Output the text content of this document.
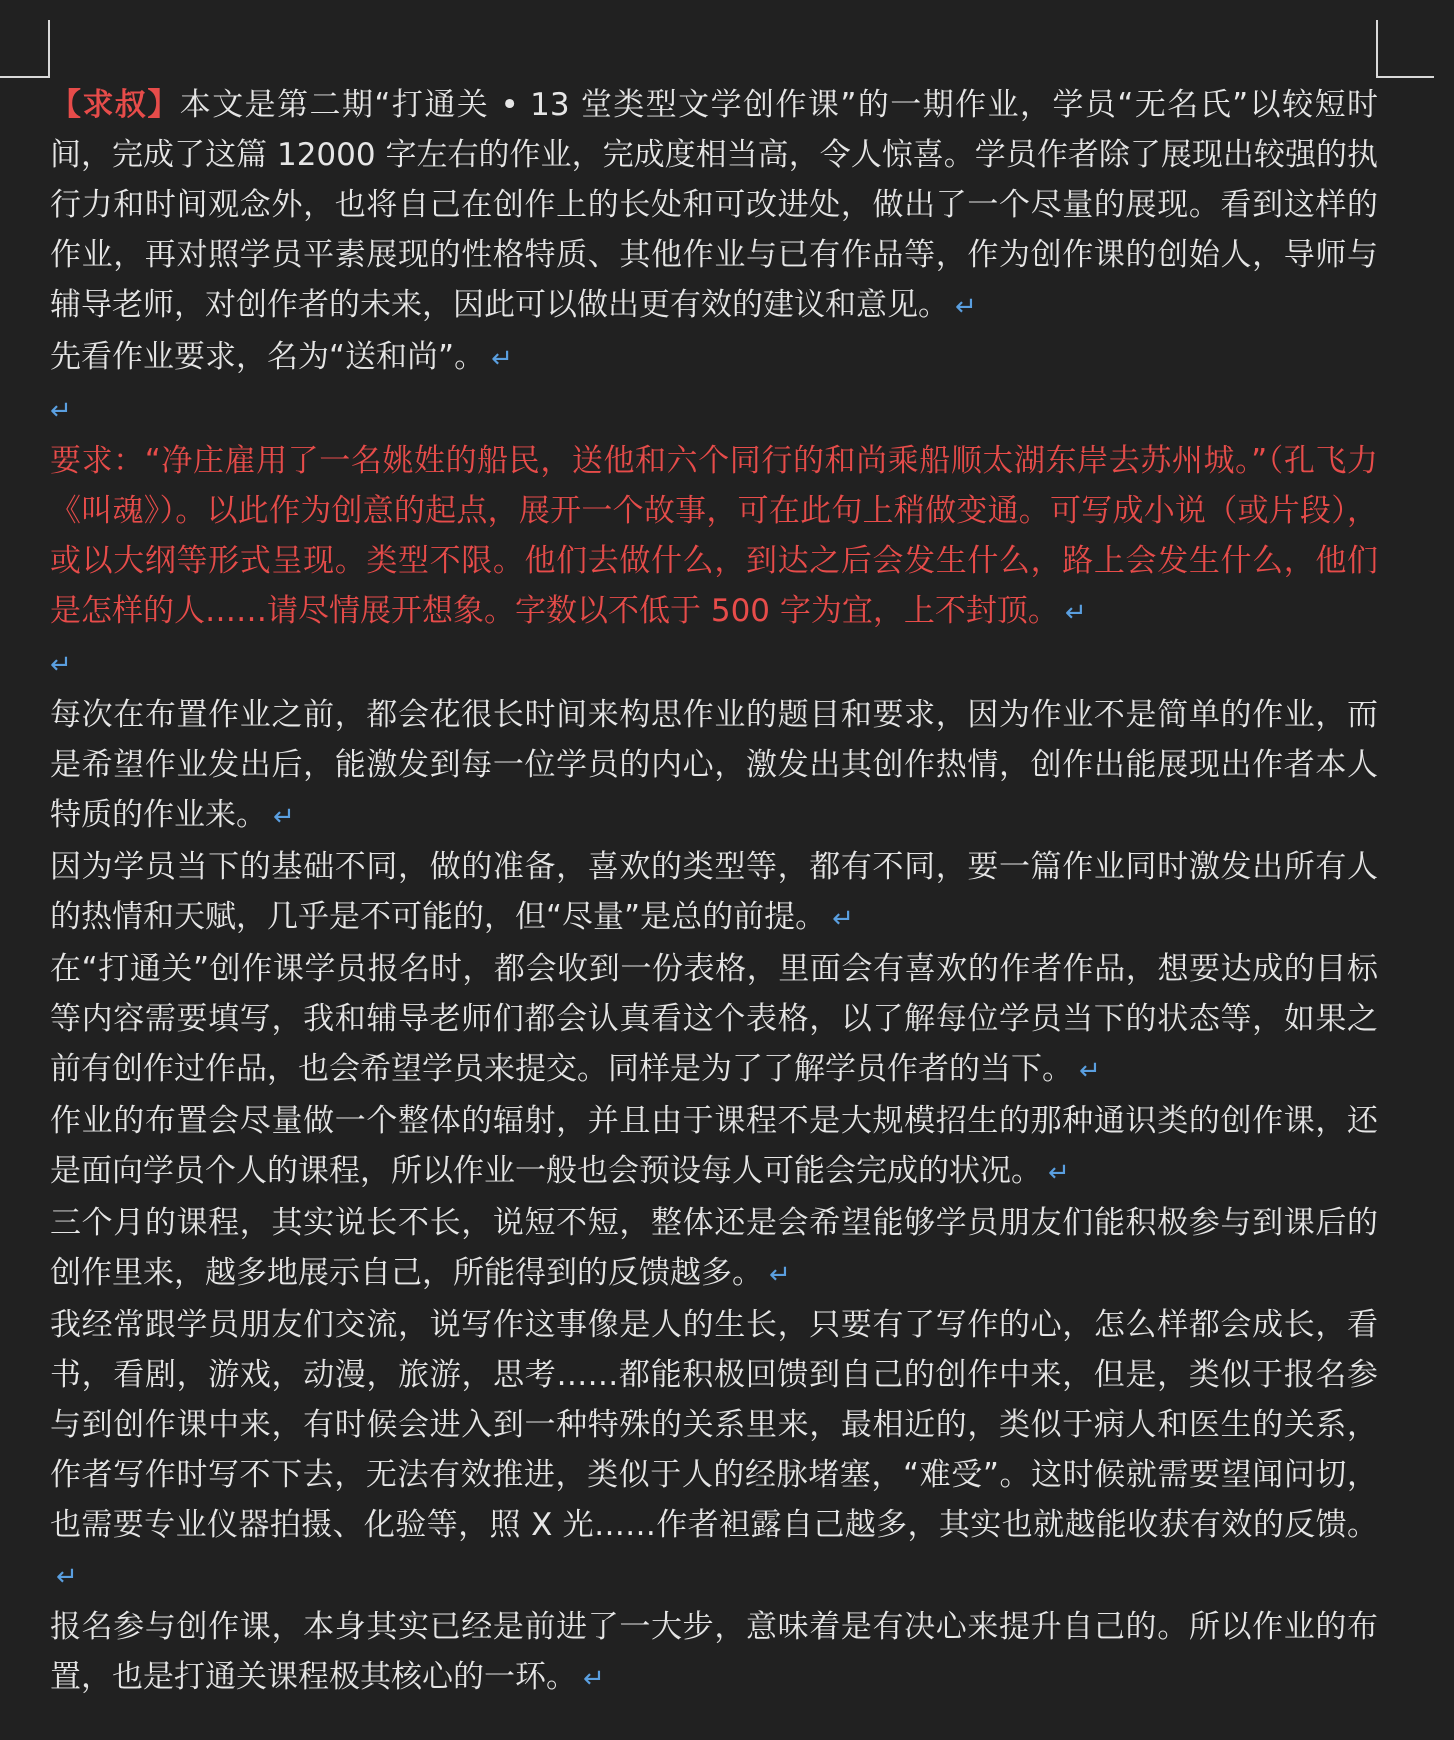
【求叔】本文是第二期“打通关 • 13 堂类型文学创作课”的一期作业，学员“无名氏”以较短时间，完成了这篇 12000 字左右的作业，完成度相当高，令人惊喜。学员作者除了展现出较强的执行力和时间观念外，也将自己在创作上的长处和可改进处，做出了一个尽量的展现。看到这样的作业，再对照学员平素展现的性格特质、其他作业与已有作品等，作为创作课的创始人，导师与辅导老师，对创作者的未来，因此可以做出更有效的建议和意见。 ↵

先看作业要求，名为“送和尚”。 ↵

↵

要求：“净庄雇用了一名姚姓的船民，送他和六个同行的和尚乘船顺太湖东岸去苏州城。”（孔飞力《叫魂》）。以此作为创意的起点，展开一个故事，可在此句上稍做变通。可写成小说（或片段），或以大纲等形式呈现。类型不限。他们去做什么，到达之后会发生什么，路上会发生什么，他们是怎样的人……请尽情展开想象。字数以不低于 500 字为宜，上不封顶。 ↵

↵

每次在布置作业之前，都会花很长时间来构思作业的题目和要求，因为作业不是简单的作业，而是希望作业发出后，能激发到每一位学员的内心，激发出其创作热情，创作出能展现出作者本人特质的作业来。 ↵

因为学员当下的基础不同，做的准备，喜欢的类型等，都有不同，要一篇作业同时激发出所有人的热情和天赋，几乎是不可能的，但“尽量”是总的前提。 ↵

在“打通关”创作课学员报名时，都会收到一份表格，里面会有喜欢的作者作品，想要达成的目标等内容需要填写，我和辅导老师们都会认真看这个表格，以了解每位学员当下的状态等，如果之前有创作过作品，也会希望学员来提交。同样是为了了解学员作者的当下。 ↵

作业的布置会尽量做一个整体的辐射，并且由于课程不是大规模招生的那种通识类的创作课，还是面向学员个人的课程，所以作业一般也会预设每人可能会完成的状况。 ↵

三个月的课程，其实说长不长，说短不短，整体还是会希望能够学员朋友们能积极参与到课后的创作里来，越多地展示自己，所能得到的反馈越多。 ↵

我经常跟学员朋友们交流，说写作这事像是人的生长，只要有了写作的心，怎么样都会成长，看书，看剧，游戏，动漫，旅游，思考……都能积极回馈到自己的创作中来，但是，类似于报名参与到创作课中来，有时候会进入到一种特殊的关系里来，最相近的，类似于病人和医生的关系，作者写作时写不下去，无法有效推进，类似于人的经脉堵塞，“难受”。这时候就需要望闻问切，也需要专业仪器拍摄、化验等，照 X 光……作者袒露自己越多，其实也就越能收获有效的反馈。↵

报名参与创作课，本身其实已经是前进了一大步，意味着是有决心来提升自己的。所以作业的布置，也是打通关课程极其核心的一环。 ↵
